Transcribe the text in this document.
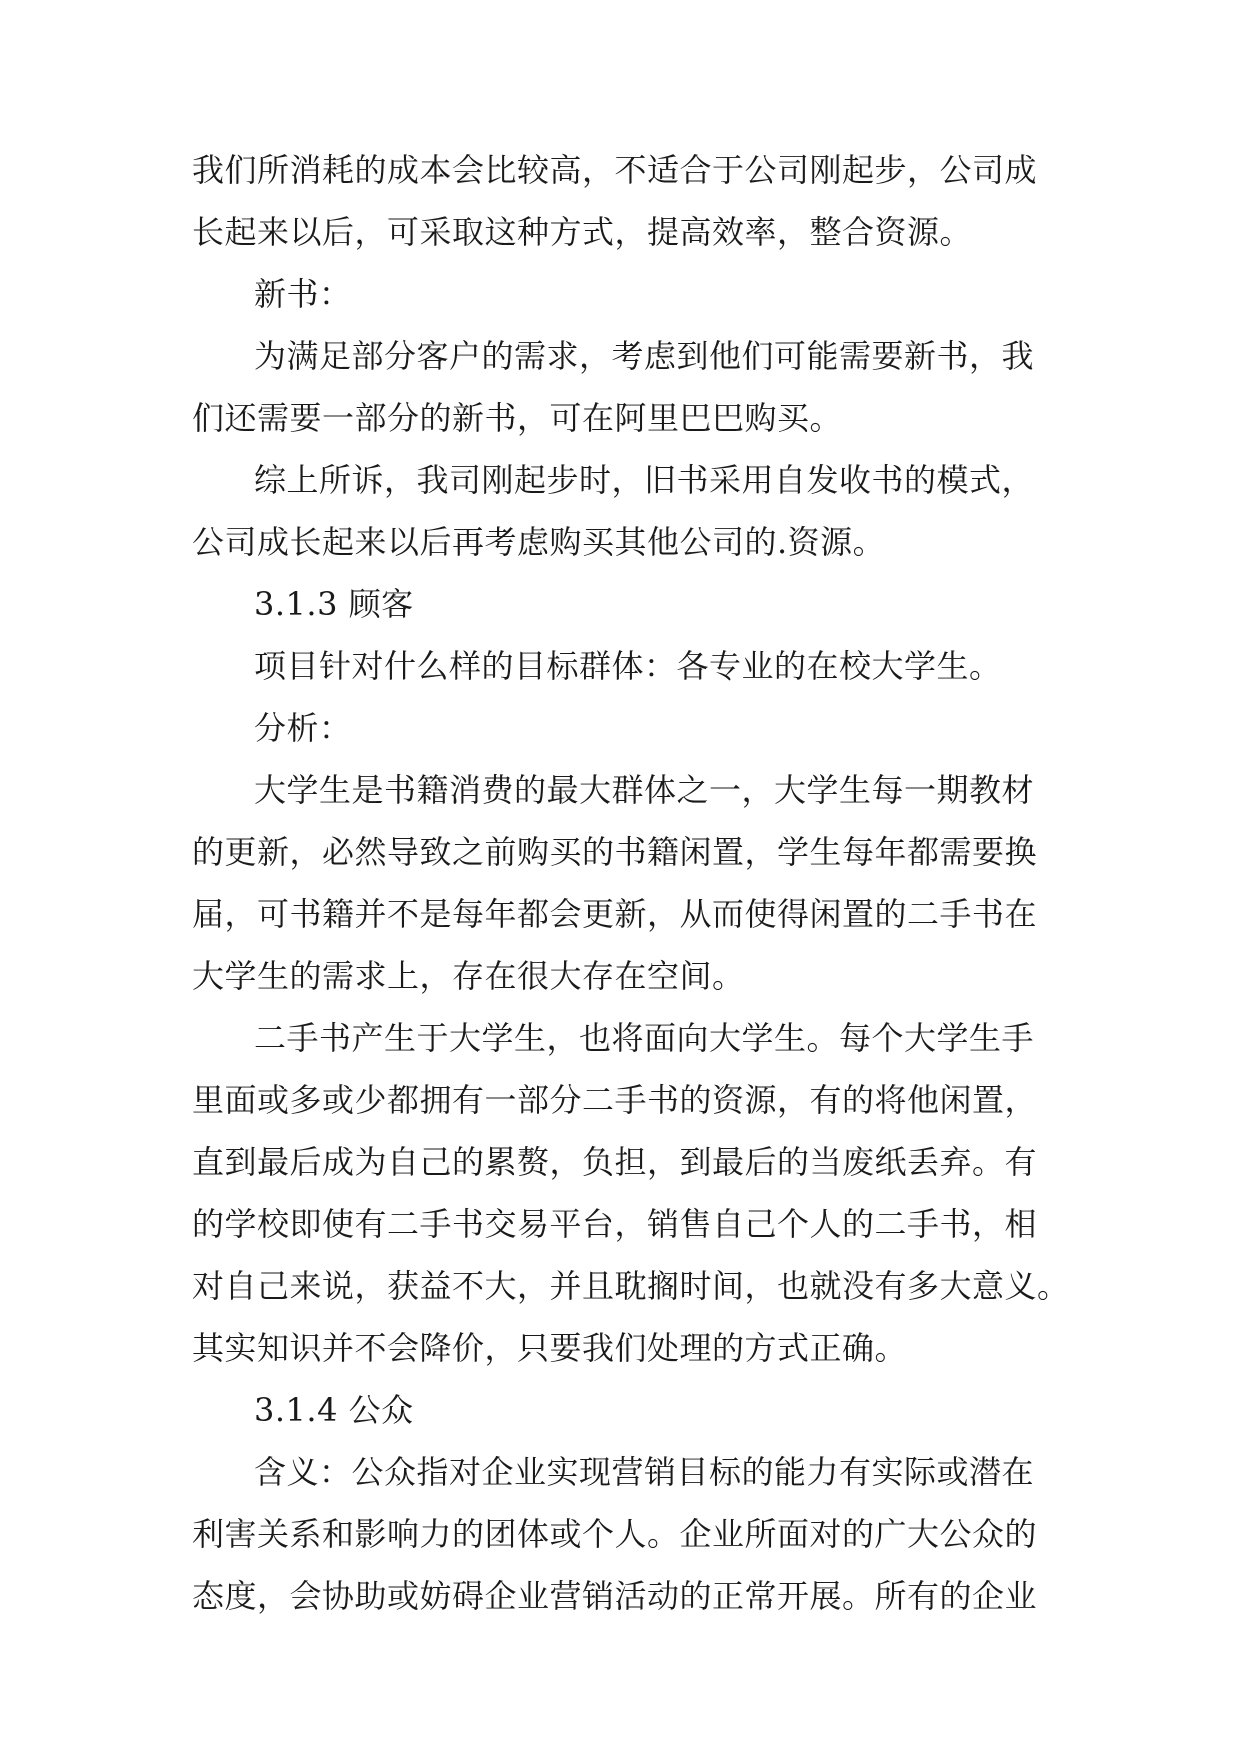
我们所消耗的成本会比较高，不适合于公司刚起步，公司成
长起来以后，可采取这种方式，提高效率，整合资源。
新书：
为满足部分客户的需求，考虑到他们可能需要新书，我
们还需要一部分的新书，可在阿里巴巴购买。
综上所诉，我司刚起步时，旧书采用自发收书的模式，
公司成长起来以后再考虑购买其他公司的.资源。
3.1.3 顾客
项目针对什么样的目标群体：各专业的在校大学生。
分析：
大学生是书籍消费的最大群体之一，大学生每一期教材
的更新，必然导致之前购买的书籍闲置，学生每年都需要换
届，可书籍并不是每年都会更新，从而使得闲置的二手书在
大学生的需求上，存在很大存在空间。
二手书产生于大学生，也将面向大学生。每个大学生手
里面或多或少都拥有一部分二手书的资源，有的将他闲置，
直到最后成为自己的累赘，负担，到最后的当废纸丢弃。有
的学校即使有二手书交易平台，销售自己个人的二手书，相
对自己来说，获益不大，并且耽搁时间，也就没有多大意义。
其实知识并不会降价，只要我们处理的方式正确。
3.1.4 公众
含义：公众指对企业实现营销目标的能力有实际或潜在
利害关系和影响力的团体或个人。企业所面对的广大公众的
态度，会协助或妨碍企业营销活动的正常开展。所有的企业
